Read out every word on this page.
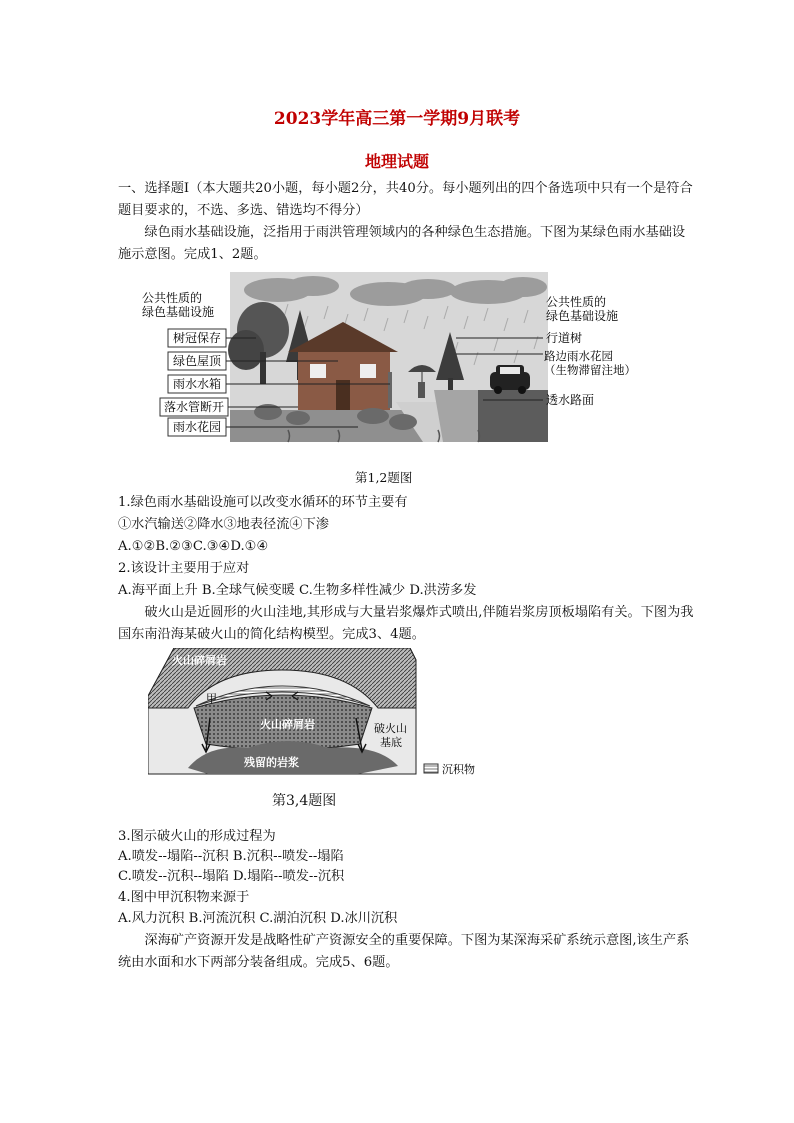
2023学年高三第一学期9月联考
地理试题

一、选择题Ⅰ（本大题共20小题，每小题2分，共40分。每小题列出的四个备选项中只有一个是符合题目要求的，不选、多选、错选均不得分）

绿色雨水基础设施，泛指用于雨洪管理领域内的各种绿色生态措施。下图为某绿色雨水基础设施示意图。完成1、2题。

公共性质的 绿色基础设施
树冠保存
绿色屋顶
雨水水箱
落水管断开
雨水花园
公共性质的 绿色基础设施
行道树
路边雨水花园 （生物滞留注地）
透水路面
第1,2题图

1.绿色雨水基础设施可以改变水循环的环节主要有

①水汽输送②降水③地表径流④下渗

A.①②B.②③C.③④D.①④

2.该设计主要用于应对

A.海平面上升 B.全球气候变暖 C.生物多样性减少 D.洪涝多发

破火山是近圆形的火山洼地,其形成与大量岩浆爆炸式喷出,伴随岩浆房顶板塌陷有关。下图为我国东南沿海某破火山的简化结构模型。完成3、4题。

火山碎屑岩
甲
火山碎屑岩	破火山 基底
残留的岩浆
沉积物
第3,4题图

3.图示破火山的形成过程为

A.喷发--塌陷--沉积 B.沉积--喷发--塌陷

C.喷发--沉积--塌陷 D.塌陷--喷发--沉积

4.图中甲沉积物来源于

A.风力沉积 B.河流沉积 C.湖泊沉积 D.冰川沉积

深海矿产资源开发是战略性矿产资源安全的重要保障。下图为某深海采矿系统示意图,该生产系统由水面和水下两部分装备组成。完成5、6题。
